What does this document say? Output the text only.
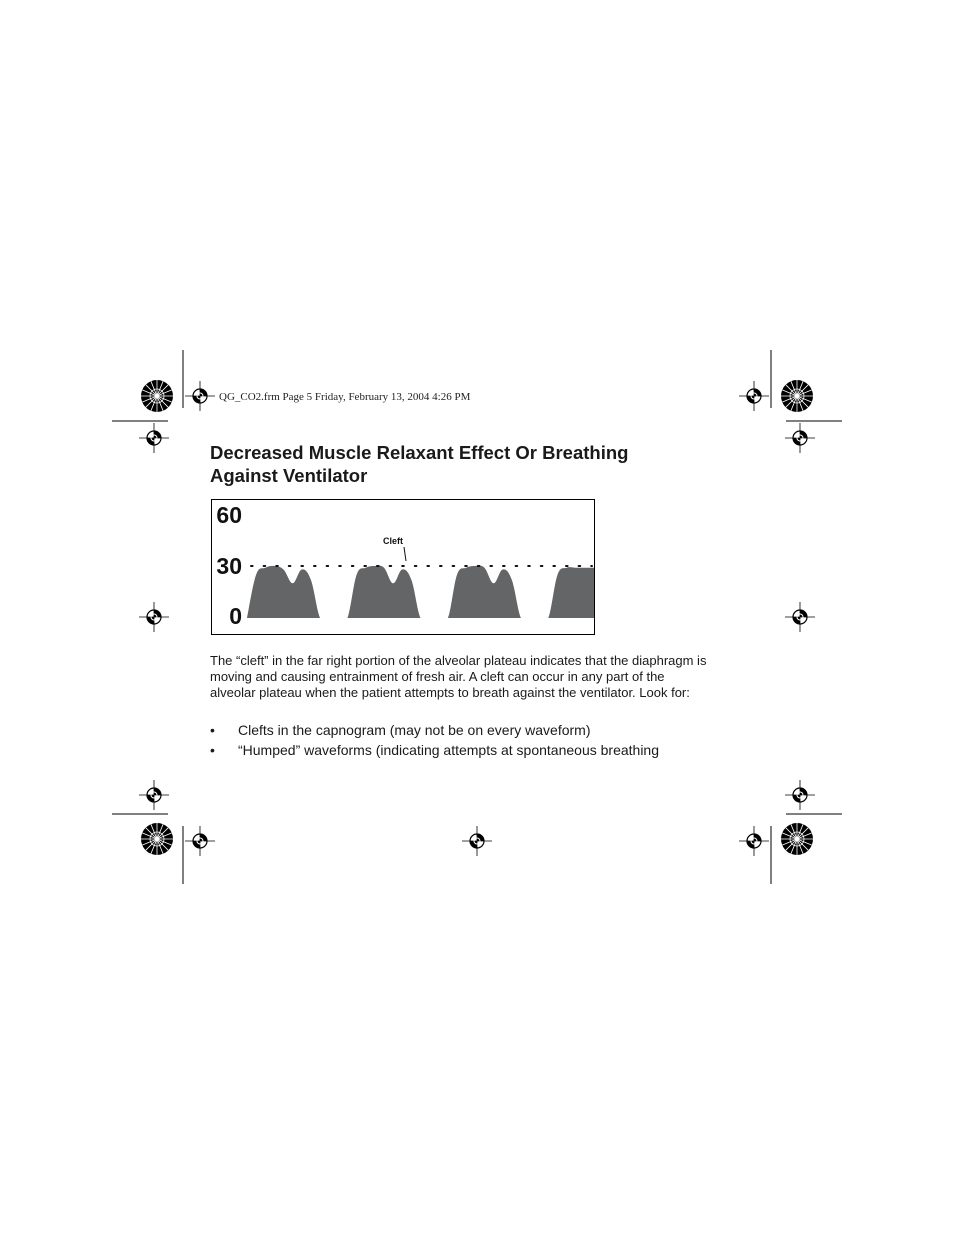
QG_CO2.frm Page 5 Friday, February 13, 2004 4:26 PM
Decreased Muscle Relaxant Effect Or Breathing Against Ventilator
60
30
0
Cleft

The “cleft” in the far right portion of the alveolar plateau indicates that the diaphragm is moving and causing entrainment of fresh air. A cleft can occur in any part of the alveolar plateau when the patient attempts to breath against the ventilator. Look for:

• Clefts in the capnogram (may not be on every waveform)
• “Humped” waveforms (indicating attempts at spontaneous breathing
